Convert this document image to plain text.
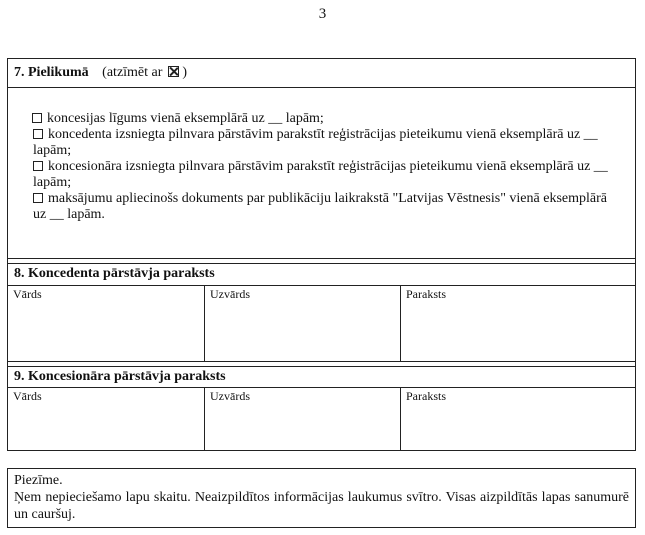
3
7. Pielikumā (atzīmēt ar )
koncesijas līgums vienā eksemplārā uz __ lapām;
koncedenta izsniegta pilnvara pārstāvim parakstīt reģistrācijas pieteikumu vienā eksemplārā uz __ lapām;
koncesionāra izsniegta pilnvara pārstāvim parakstīt reģistrācijas pieteikumu vienā eksemplārā uz __ lapām;
maksājumu apliecinošs dokuments par publikāciju laikrakstā "Latvijas Vēstnesis" vienā eksemplārā uz __ lapām.
8. Koncedenta pārstāvja paraksts
Vārds	Uzvārds	Paraksts
9. Koncesionāra pārstāvja paraksts
Vārds	Uzvārds	Paraksts

Piezīme.

Ņem nepieciešamo lapu skaitu. Neaizpildītos informācijas laukumus svītro. Visas aizpildītās lapas sanumurē un cauršuj.
